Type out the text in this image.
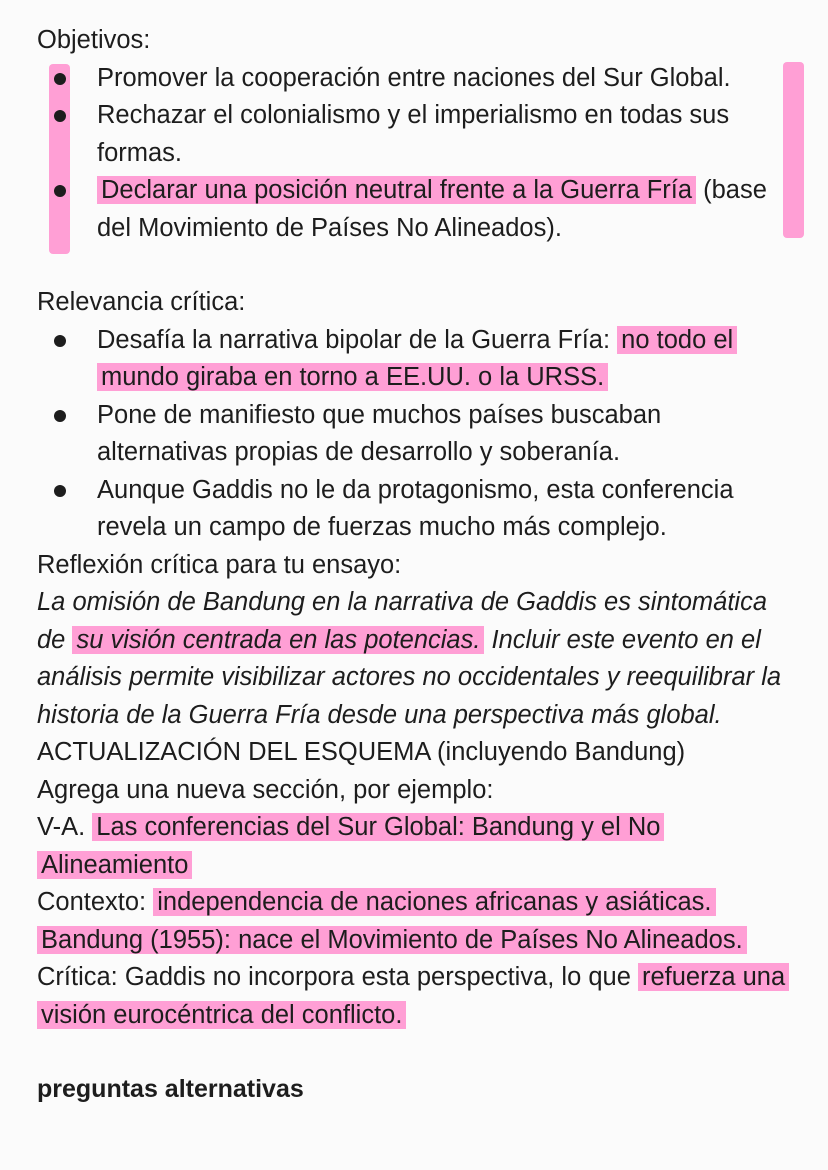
Objetivos:

Promover la cooperación entre naciones del Sur Global.
Rechazar el colonialismo y el imperialismo en todas sus formas.
Declarar una posición neutral frente a la Guerra Fría (base del Movimiento de Países No Alineados).

Relevancia crítica:

Desafía la narrativa bipolar de la Guerra Fría: no todo el mundo giraba en torno a EE.UU. o la URSS.
Pone de manifiesto que muchos países buscaban alternativas propias de desarrollo y soberanía.
Aunque Gaddis no le da protagonismo, esta conferencia revela un campo de fuerzas mucho más complejo.

Reflexión crítica para tu ensayo:

La omisión de Bandung en la narrativa de Gaddis es sintomática de su visión centrada en las potencias. Incluir este evento en el análisis permite visibilizar actores no occidentales y reequilibrar la historia de la Guerra Fría desde una perspectiva más global.

ACTUALIZACIÓN DEL ESQUEMA (incluyendo Bandung)

Agrega una nueva sección, por ejemplo:

V-A. Las conferencias del Sur Global: Bandung y el No Alineamiento

Contexto: independencia de naciones africanas y asiáticas.

Bandung (1955): nace el Movimiento de Países No Alineados.

Crítica: Gaddis no incorpora esta perspectiva, lo que refuerza una visión eurocéntrica del conflicto.

preguntas alternativas
